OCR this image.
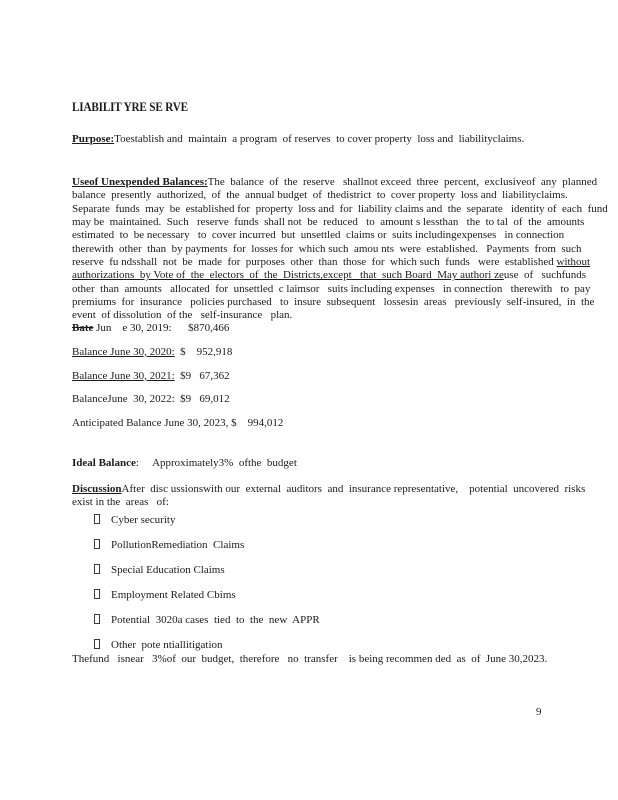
LIABILIT YRE SE RVE
Purpose:Toestablish and  maintain  a program  of reserves  to cover property  loss and  liabilityclaims.
Useof Unexpended Balances:The  balance  of  the  reserve   shallnot exceed  three  percent,  exclusiveof  any  planned
balance  presently  authorized,  of  the  annual budget  of  thedistrict  to  cover property  loss and  liabilityclaims.
Separate  funds  may  be  established for  property  loss and  for  liability claims and  the  separate   identity of  each  fund
may be  maintained.  Such   reserve  funds  shall not  be  reduced   to  amount s lessthan   the  to tal  of  the  amounts
estimated  to  be necessary   to  cover incurred  but  unsettled  claims or  suits includingexpenses   in connection
therewith  other  than  by payments  for  losses for  which such  amou nts  were  established.   Payments  from  such
reserve  fu ndsshall  not  be  made  for  purposes  other  than  those  for  which such  funds   were  established without
authorizations  by Vote of  the  electors  of  the  Districts,except   that  such Board  May authori zeuse  of   suchfunds
other  than  amounts   allocated  for  unsettled  c laimsor   suits including expenses   in connection   therewith   to  pay
premiums  for  insurance   policies purchased   to  insure  subsequent   lossesin  areas   previously  self-insured,  in  the
event  of dissolution  of the   self-insurance   plan.
Bate Jun    e 30, 2019:      $870,466
Balance June 30, 2020:  $    952,918
Balance June 30, 2021:  $9   67,362
BalanceJune  30, 2022:  $9   69,012
Anticipated Balance June 30, 2023, $    994,012
Ideal Balance:     Approximately3%  ofthe  budget
DiscussionAfter  disc ussionswith our  external  auditors  and  insurance representative,    potential  uncovered  risks
exist in the  areas   of:
Cyber security
PollutionRemediation  Claims
Special Education Claims
Employment Related Cbims
Potential  3020a cases  tied  to  the  new  APPR
Other  pote ntiallitigation
Thefund   isnear   3%of  our  budget,  therefore   no  transfer    is being recommen ded  as  of  June 30,2023.
9
